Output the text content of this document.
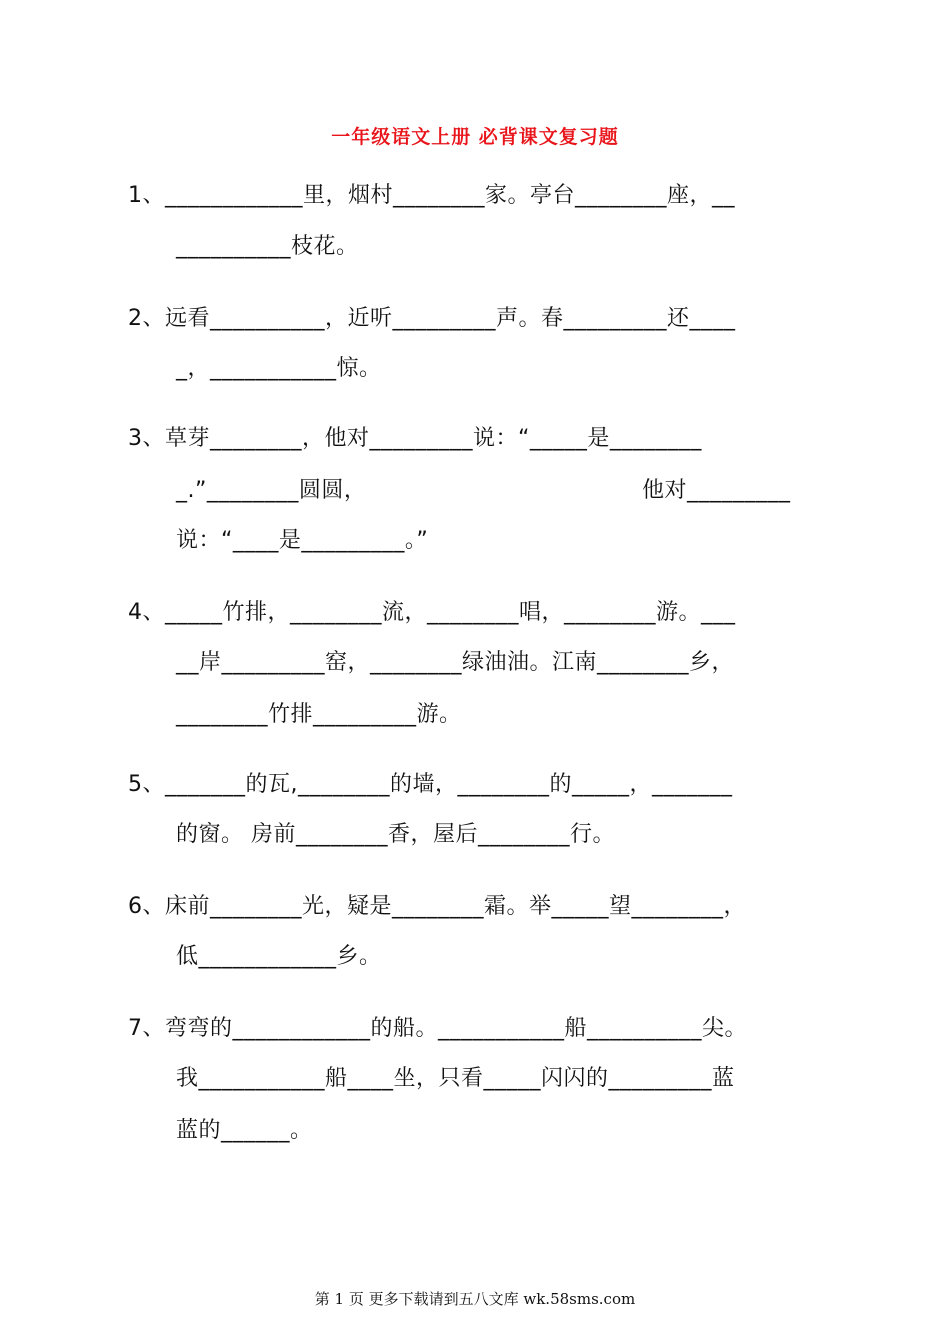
一年级语文上册 必背课文复习题
1、____________里，烟村________家。亭台________座，__
__________枝花。
2、远看__________，近听_________声。春_________还____
_，___________惊。
3、草芽________，他对_________说：“_____是________
_.”________圆圆，	他对_________
说：“____是_________。”
4、_____竹排，________流，________唱，________游。___
__岸_________窑，________绿油油。江南________乡，
________竹排_________游。
5、_______的瓦,________的墙，________的_____，_______
的窗。 房前________香，屋后________行。
6、床前________光，疑是________霜。举_____望________，
低____________乡。
7、弯弯的____________的船。___________船__________尖。
我___________船____坐，只看_____闪闪的_________蓝
蓝的______。
第 1 页 更多下载请到五八文库 wk.58sms.com
